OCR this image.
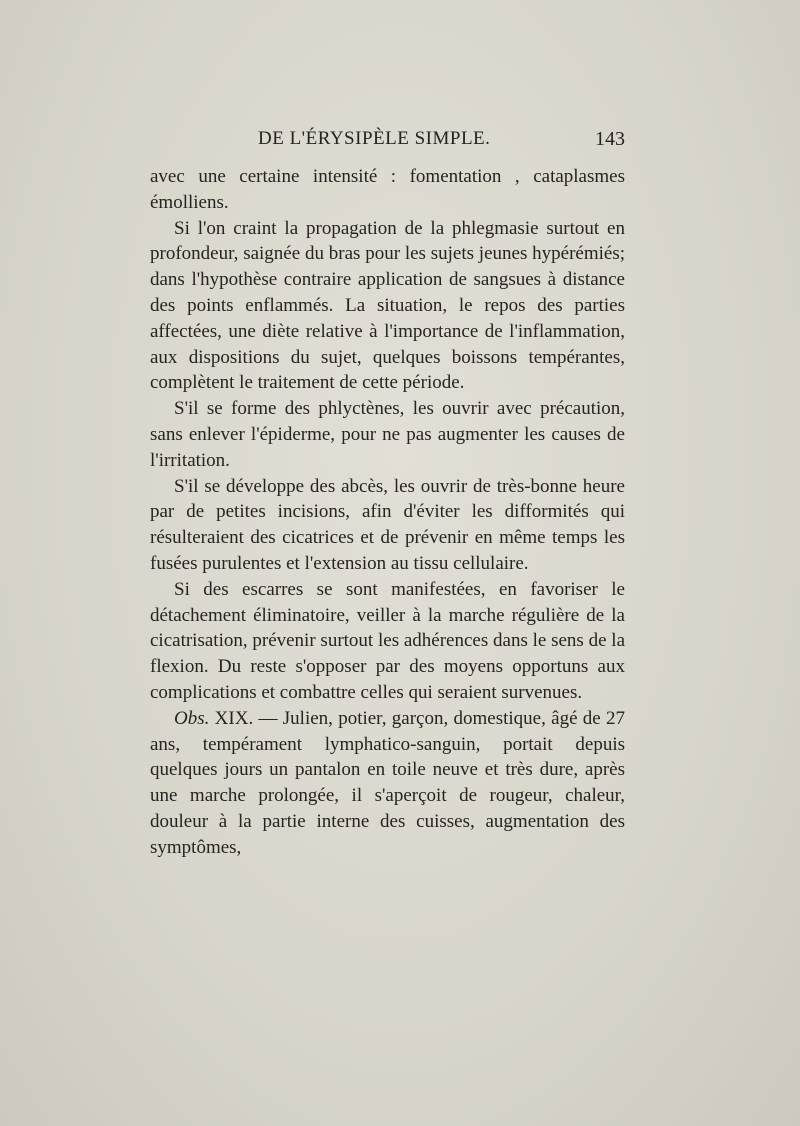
DE L'ÉRYSIPÈLE SIMPLE.	143

avec une certaine intensité : fomentation , cataplasmes émolliens.

Si l'on craint la propagation de la phlegmasie surtout en profondeur, saignée du bras pour les sujets jeunes hypérémiés; dans l'hypothèse contraire application de sangsues à distance des points enflammés. La situation, le repos des parties affectées, une diète relative à l'importance de l'inflammation, aux dispositions du sujet, quelques boissons tempérantes, complètent le traitement de cette période.

S'il se forme des phlyctènes, les ouvrir avec précaution, sans enlever l'épiderme, pour ne pas augmenter les causes de l'irritation.

S'il se développe des abcès, les ouvrir de très-bonne heure par de petites incisions, afin d'éviter les difformités qui résulteraient des cicatrices et de prévenir en même temps les fusées purulentes et l'extension au tissu cellulaire.

Si des escarres se sont manifestées, en favoriser le détachement éliminatoire, veiller à la marche régulière de la cicatrisation, prévenir surtout les adhérences dans le sens de la flexion. Du reste s'opposer par des moyens opportuns aux complications et combattre celles qui seraient survenues.

Obs. XIX. — Julien, potier, garçon, domestique, âgé de 27 ans, tempérament lymphatico-sanguin, portait depuis quelques jours un pantalon en toile neuve et très dure, après une marche prolongée, il s'aperçoit de rougeur, chaleur, douleur à la partie interne des cuisses, augmentation des symptômes,
